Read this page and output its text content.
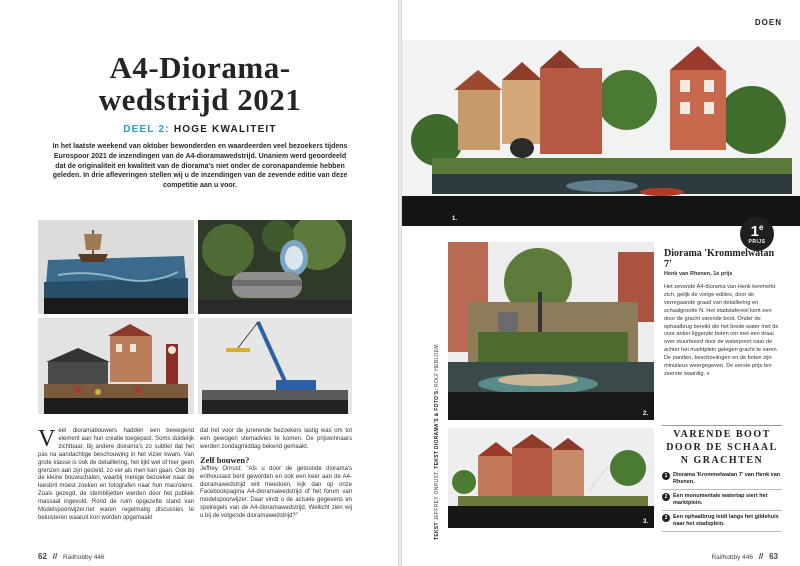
A4-Diorama-
wedstrijd 2021
DEEL 2: HOGE KWALITEIT
In het laatste weekend van oktober bewonderden en waardeerden veel bezoekers tijdens Eurospoor 2021 de inzendingen van de A4-dioramawedstrijd. Unaniem werd geoordeeld dat de originaliteit en kwaliteit van de diorama's niet onder de coronapandemie hebben geleden. In drie afleveringen stellen wij u de inzendingen van de zevende editie van deze competitie aan u voor.
V eel dioramabouwers hadden een bewegend element aan hun creatie toegepast. Soms duidelijk zichtbaar, bij andere diorama's zo subtiel dat het pas na aandachtige beschouwing in het vizier kwam. Van grote klasse is ook de detaillering, het lijkt wel of hier geen grenzen aan zijn gesteld, zo ver als men kan gaan. Ook bij de kleine bouwschalen, waarbij menige bezoeker naar de leesbril moest zoeken en fotografen naar hun macrolens. Zoals gezegd, de stembiljetten werden door het publiek massaal ingevuld. Rond de ruim opgezette stand van Modelspoorwijzer.net waren regelmatig discussies te beluisteren waaruit kon worden opgemaakt
dat het voor de jurerende bezoekers lastig was om tot een gewogen stemadvies te komen. De prijswinnaars werden zondagmiddag bekend gemaakt.
Zelf bouwen?
Jeffrey Onrust: "Als u door de getoonde diorama's enthousiast bent geworden en ook een keer aan de A4-dioramawedstrijd wilt meedoen, kijk dan op onze Facebookpagina A4-dioramawedstrijd of het forum van modelspoorwijzer. Daar vindt u de actuele gegevens en spelregels van de A4-dioramawedstrijd. Wellicht zien wij u bij de volgende dioramawedstrijd?"
62 // Railhobby 446
DOEN
1.
1e
PRIJS
2.
3.
Diorama 'Krommelwatan 7'
Henk van Rhenen, 1e prijs
Het zevende A4-diorama van Henk kenmerkt zich, gelijk de vorige edities, door de verregaande graad van detaillering en schaalgrootte N. Het stadstafereel kent een door de gracht varende boot. Onder de ophaalbrug bereikt die het brede water met de voor anker liggende boten om met een draai over stuurboord door de waterpoort naar de achter het marktplein gelegen gracht te varen. De panden, beschoeiingen en de boten zijn minutieus weergegeven. De eerste prijs ten zeerste waardig. »
VARENDE BOOT DOOR DE SCHAAL N GRACHTEN
1	Diorama 'Krommelwatan 7' van Henk van Rhenen.
2	Een monumentale watertap siert het marktplein.
3	Een ophaalbrug leidt langs het gildehuis naar het stadsplein.
Railhobby 446 // 63
TEKST JEFFREY ONRUST, TEKST DIORAMA'S & FOTO'S: ROLF HEBLOEM
